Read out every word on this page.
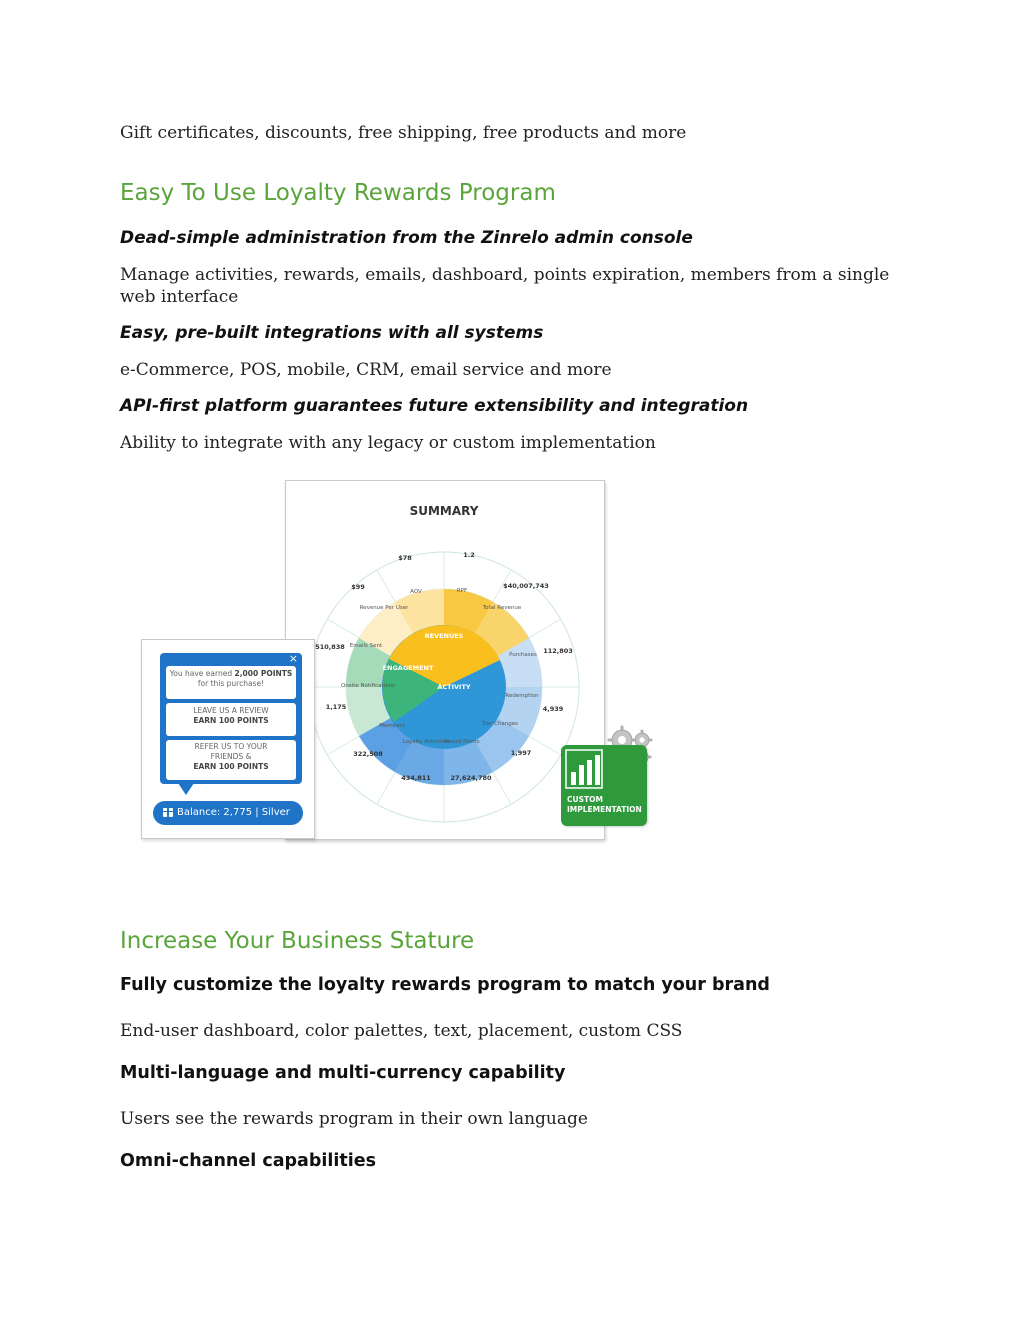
Gift certificates, discounts, free shipping, free products and more
Easy To Use Loyalty Rewards Program
Dead-simple administration from the Zinrelo admin console
Manage activities, rewards, emails, dashboard, points expiration, members from a single web interface
Easy, pre-built integrations with all systems
e-Commerce, POS, mobile, CRM, email service and more
API-first platform guarantees future extensibility and integration
Ability to integrate with any legacy or custom implementation
SUMMARY
REVENUES
ENGAGEMENT
ACTIVITY
AOV	RPF
Revenue Per User	Total Revenue
Emails Sent
Onsite Notifications
Members
Loyalty Activities
Award Points
Tier Changes
Redemption
Purchases
$78	1.2
$40,007,743
$99
112,803
4,939
1,997
27,624,780
434,811
322,508
1,175
510,838
×
You have earned 2,000 POINTS
for this purchase!
LEAVE US A REVIEW
EARN 100 POINTS
REFER US TO YOUR
FRIENDS &
EARN 100 POINTS
Balance: 2,775 | Silver
CUSTOM
IMPLEMENTATION
Increase Your Business Stature
Fully customize the loyalty rewards program to match your brand
End-user dashboard, color palettes, text, placement, custom CSS
Multi-language and multi-currency capability
Users see the rewards program in their own language
Omni-channel capabilities
